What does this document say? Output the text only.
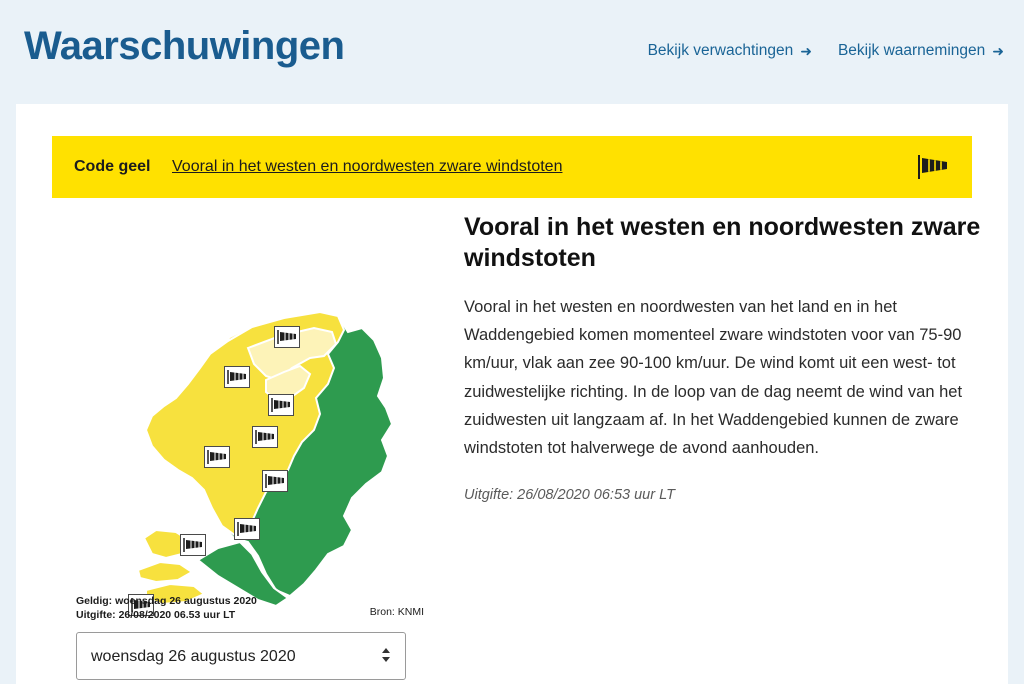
Waarschuwingen	Bekijk verwachtingen ➜ Bekijk waarnemingen ➜
Code geel	Vooral in het westen en noordwesten zware windstoten
Geldig: woensdag 26 augustus 2020
Uitgifte: 26/08/2020 06.53 uur LT	Bron: KNMI
woensdag 26 augustus 2020
Vooral in het westen en noordwesten zware windstoten

Vooral in het westen en noordwesten van het land en in het Waddengebied komen momenteel zware windstoten voor van 75-90 km/uur, vlak aan zee 90-100 km/uur. De wind komt uit een west- tot zuidwestelijke richting. In de loop van de dag neemt de wind van het zuidwesten uit langzaam af. In het Waddengebied kunnen de zware windstoten tot halverwege de avond aanhouden.

Uitgifte: 26/08/2020 06:53 uur LT
